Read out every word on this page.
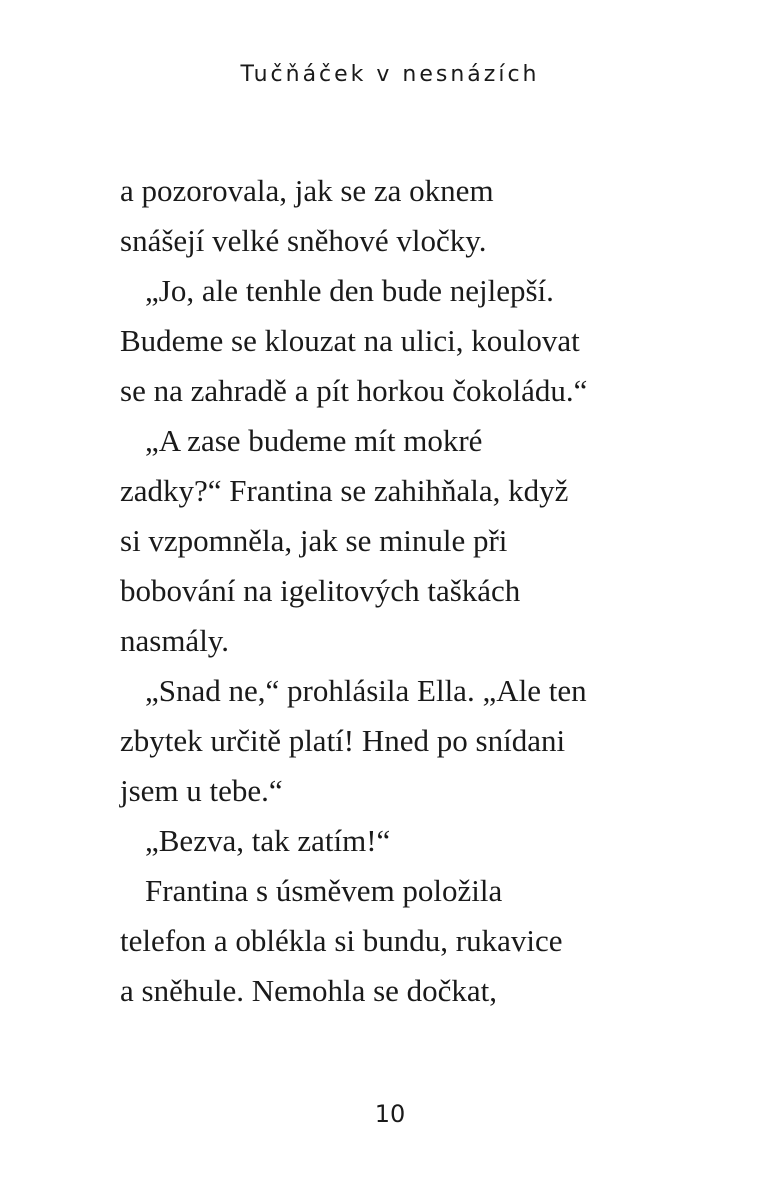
Tučňáček v nesnázích
a pozorovala, jak se za oknem
snášejí velké sněhové vločky.
„Jo, ale tenhle den bude nejlepší.
Budeme se klouzat na ulici, koulovat
se na zahradě a pít horkou čokoládu.“
„A zase budeme mít mokré
zadky?“ Frantina se zahihňala, když
si vzpomněla, jak se minule při
bobování na igelitových taškách
nasmály.
„Snad ne,“ prohlásila Ella. „Ale ten
zbytek určitě platí! Hned po snídani
jsem u tebe.“
„Bezva, tak zatím!“
Frantina s úsměvem položila
telefon a oblékla si bundu, rukavice
a sněhule. Nemohla se dočkat,
10
